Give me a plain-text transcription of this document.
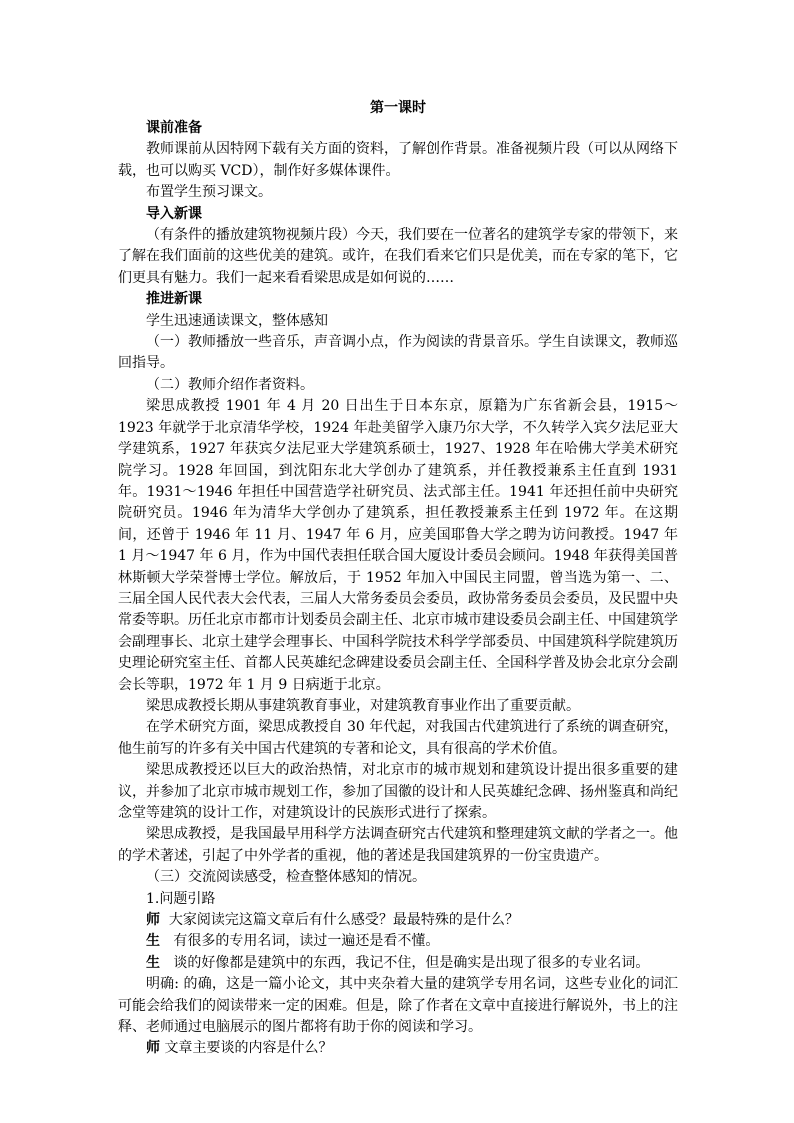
第一课时

课前准备

教师课前从因特网下载有关方面的资料，了解创作背景。准备视频片段（可以从网络下载，也可以购买 VCD），制作好多媒体课件。

布置学生预习课文。

导入新课

（有条件的播放建筑物视频片段）今天，我们要在一位著名的建筑学专家的带领下，来了解在我们面前的这些优美的建筑。或许，在我们看来它们只是优美，而在专家的笔下，它们更具有魅力。我们一起来看看梁思成是如何说的……

推进新课

学生迅速通读课文，整体感知

（一）教师播放一些音乐，声音调小点，作为阅读的背景音乐。学生自读课文，教师巡回指导。

（二）教师介绍作者资料。

梁思成教授 1901 年 4 月 20 日出生于日本东京，原籍为广东省新会县，1915～1923 年就学于北京清华学校，1924 年赴美留学入康乃尔大学，不久转学入宾夕法尼亚大学建筑系，1927 年获宾夕法尼亚大学建筑系硕士，1927、1928 年在哈佛大学美术研究院学习。1928 年回国，到沈阳东北大学创办了建筑系，并任教授兼系主任直到 1931 年。1931～1946 年担任中国营造学社研究员、法式部主任。1941 年还担任前中央研究院研究员。1946 年为清华大学创办了建筑系，担任教授兼系主任到 1972 年。在这期间，还曾于 1946 年 11 月、1947 年 6 月，应美国耶鲁大学之聘为访问教授。1947 年 1 月～1947 年 6 月，作为中国代表担任联合国大厦设计委员会顾问。1948 年获得美国普林斯顿大学荣誉博士学位。解放后，于 1952 年加入中国民主同盟，曾当选为第一、二、三届全国人民代表大会代表，三届人大常务委员会委员，政协常务委员会委员，及民盟中央常委等职。历任北京市都市计划委员会副主任、北京市城市建设委员会副主任、中国建筑学会副理事长、北京土建学会理事长、中国科学院技术科学学部委员、中国建筑科学院建筑历史理论研究室主任、首都人民英雄纪念碑建设委员会副主任、全国科学普及协会北京分会副会长等职，1972 年 1 月 9 日病逝于北京。

梁思成教授长期从事建筑教育事业，对建筑教育事业作出了重要贡献。

在学术研究方面，梁思成教授自 30 年代起，对我国古代建筑进行了系统的调查研究，他生前写的许多有关中国古代建筑的专著和论文，具有很高的学术价值。

梁思成教授还以巨大的政治热情，对北京市的城市规划和建筑设计提出很多重要的建议，并参加了北京市城市规划工作，参加了国徽的设计和人民英雄纪念碑、扬州鉴真和尚纪念堂等建筑的设计工作，对建筑设计的民族形式进行了探索。

梁思成教授，是我国最早用科学方法调查研究古代建筑和整理建筑文献的学者之一。他的学术著述，引起了中外学者的重视，他的著述是我国建筑界的一份宝贵遗产。

（三）交流阅读感受，检查整体感知的情况。

1.问题引路

师 大家阅读完这篇文章后有什么感受？最最特殊的是什么？

生 有很多的专用名词，读过一遍还是看不懂。

生 谈的好像都是建筑中的东西，我记不住，但是确实是出现了很多的专业名词。

明确: 的确，这是一篇小论文，其中夹杂着大量的建筑学专用名词，这些专业化的词汇可能会给我们的阅读带来一定的困难。但是，除了作者在文章中直接进行解说外，书上的注释、老师通过电脑展示的图片都将有助于你的阅读和学习。

师 文章主要谈的内容是什么？
